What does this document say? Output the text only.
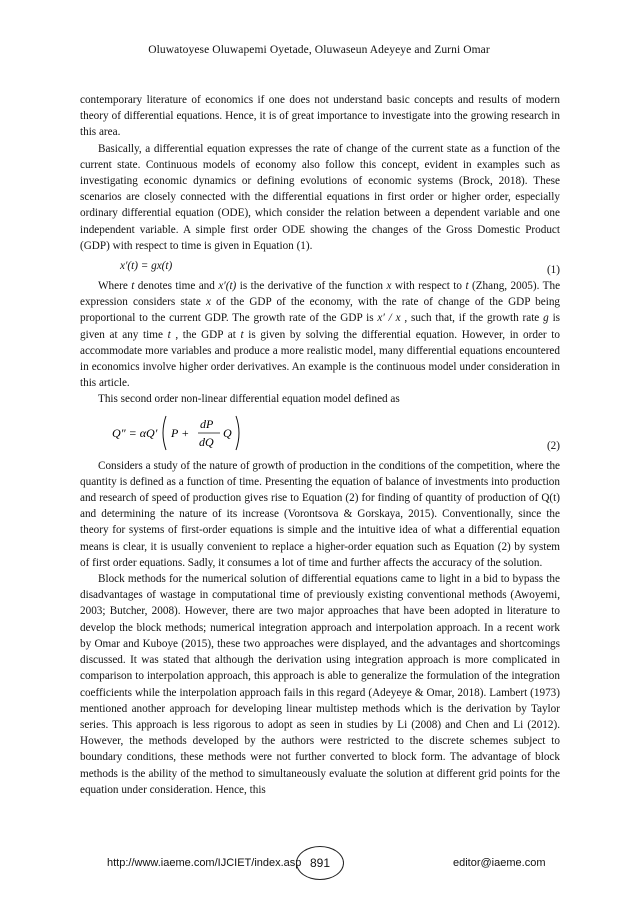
Oluwatoyese Oluwapemi Oyetade, Oluwaseun Adeyeye and Zurni Omar

contemporary literature of economics if one does not understand basic concepts and results of modern theory of differential equations. Hence, it is of great importance to investigate into the growing research in this area.

Basically, a differential equation expresses the rate of change of the current state as a function of the current state. Continuous models of economy also follow this concept, evident in examples such as investigating economic dynamics or defining evolutions of economic systems (Brock, 2018). These scenarios are closely connected with the differential equations in first order or higher order, especially ordinary differential equation (ODE), which consider the relation between a dependent variable and one independent variable. A simple first order ODE showing the changes of the Gross Domestic Product (GDP) with respect to time is given in Equation (1).

x′(t) = gx(t)	(1)

Where t denotes time and x′(t) is the derivative of the function x with respect to t (Zhang, 2005). The expression considers state x of the GDP of the economy, with the rate of change of the GDP being proportional to the current GDP. The growth rate of the GDP is x′ / x , such that, if the growth rate g is given at any time t , the GDP at t is given by solving the differential equation. However, in order to accommodate more variables and produce a more realistic model, many differential equations encountered in economics involve higher order derivatives. An example is the continuous model under consideration in this article.

This second order non-linear differential equation model defined as

Q″ = αQ′ P +
dP
dQ
Q
(2)

Considers a study of the nature of growth of production in the conditions of the competition, where the quantity is defined as a function of time. Presenting the equation of balance of investments into production and research of speed of production gives rise to Equation (2) for finding of quantity of production of Q(t) and determining the nature of its increase (Vorontsova & Gorskaya, 2015). Conventionally, since the theory for systems of first-order equations is simple and the intuitive idea of what a differential equation means is clear, it is usually convenient to replace a higher-order equation such as Equation (2) by system of first order equations. Sadly, it consumes a lot of time and further affects the accuracy of the solution.

Block methods for the numerical solution of differential equations came to light in a bid to bypass the disadvantages of wastage in computational time of previously existing conventional methods (Awoyemi, 2003; Butcher, 2008). However, there are two major approaches that have been adopted in literature to develop the block methods; numerical integration approach and interpolation approach. In a recent work by Omar and Kuboye (2015), these two approaches were displayed, and the advantages and shortcomings discussed. It was stated that although the derivation using integration approach is more complicated in comparison to interpolation approach, this approach is able to generalize the formulation of the integration coefficients while the interpolation approach fails in this regard (Adeyeye & Omar, 2018). Lambert (1973) mentioned another approach for developing linear multistep methods which is the derivation by Taylor series. This approach is less rigorous to adopt as seen in studies by Li (2008) and Chen and Li (2012). However, the methods developed by the authors were restricted to the discrete schemes subject to boundary conditions, these methods were not further converted to block form. The advantage of block methods is the ability of the method to simultaneously evaluate the solution at different grid points for the equation under consideration. Hence, this

http://www.iaeme.com/IJCIET/index.asp 891	editor@iaeme.com
